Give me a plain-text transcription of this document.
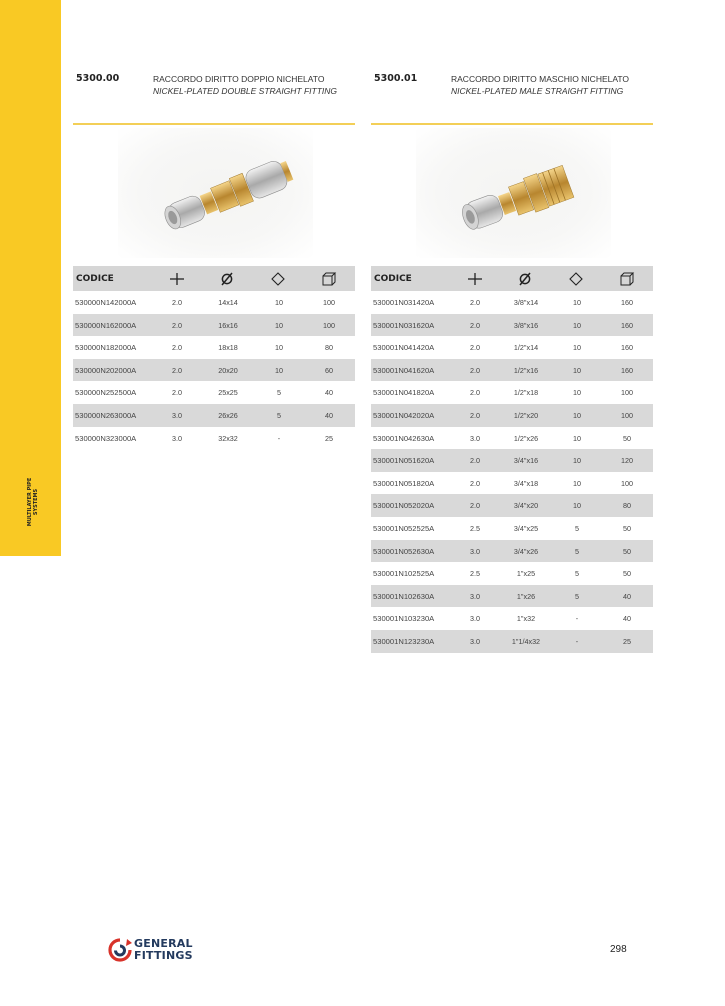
MULTILAYER PIPE SYSTEMS
5300.00	RACCORDO DIRITTO DOPPIO NICHELATO
NICKEL-PLATED DOUBLE STRAIGHT FITTING
CODICE
530000N142000A	2.0	14x14	10	100
530000N162000A	2.0	16x16	10	100
530000N182000A	2.0	18x18	10	80
530000N202000A	2.0	20x20	10	60
530000N252500A	2.0	25x25	5	40
530000N263000A	3.0	26x26	5	40
530000N323000A	3.0	32x32	-	25
5300.01	RACCORDO DIRITTO MASCHIO NICHELATO
NICKEL-PLATED MALE STRAIGHT FITTING
CODICE
530001N031420A	2.0	3/8"x14	10	160
530001N031620A	2.0	3/8"x16	10	160
530001N041420A	2.0	1/2"x14	10	160
530001N041620A	2.0	1/2"x16	10	160
530001N041820A	2.0	1/2"x18	10	100
530001N042020A	2.0	1/2"x20	10	100
530001N042630A	3.0	1/2"x26	10	50
530001N051620A	2.0	3/4"x16	10	120
530001N051820A	2.0	3/4"x18	10	100
530001N052020A	2.0	3/4"x20	10	80
530001N052525A	2.5	3/4"x25	5	50
530001N052630A	3.0	3/4"x26	5	50
530001N102525A	2.5	1"x25	5	50
530001N102630A	3.0	1"x26	5	40
530001N103230A	3.0	1"x32	-	40
530001N123230A	3.0	1"1/4x32	-	25
GENERAL
FITTINGS	298
